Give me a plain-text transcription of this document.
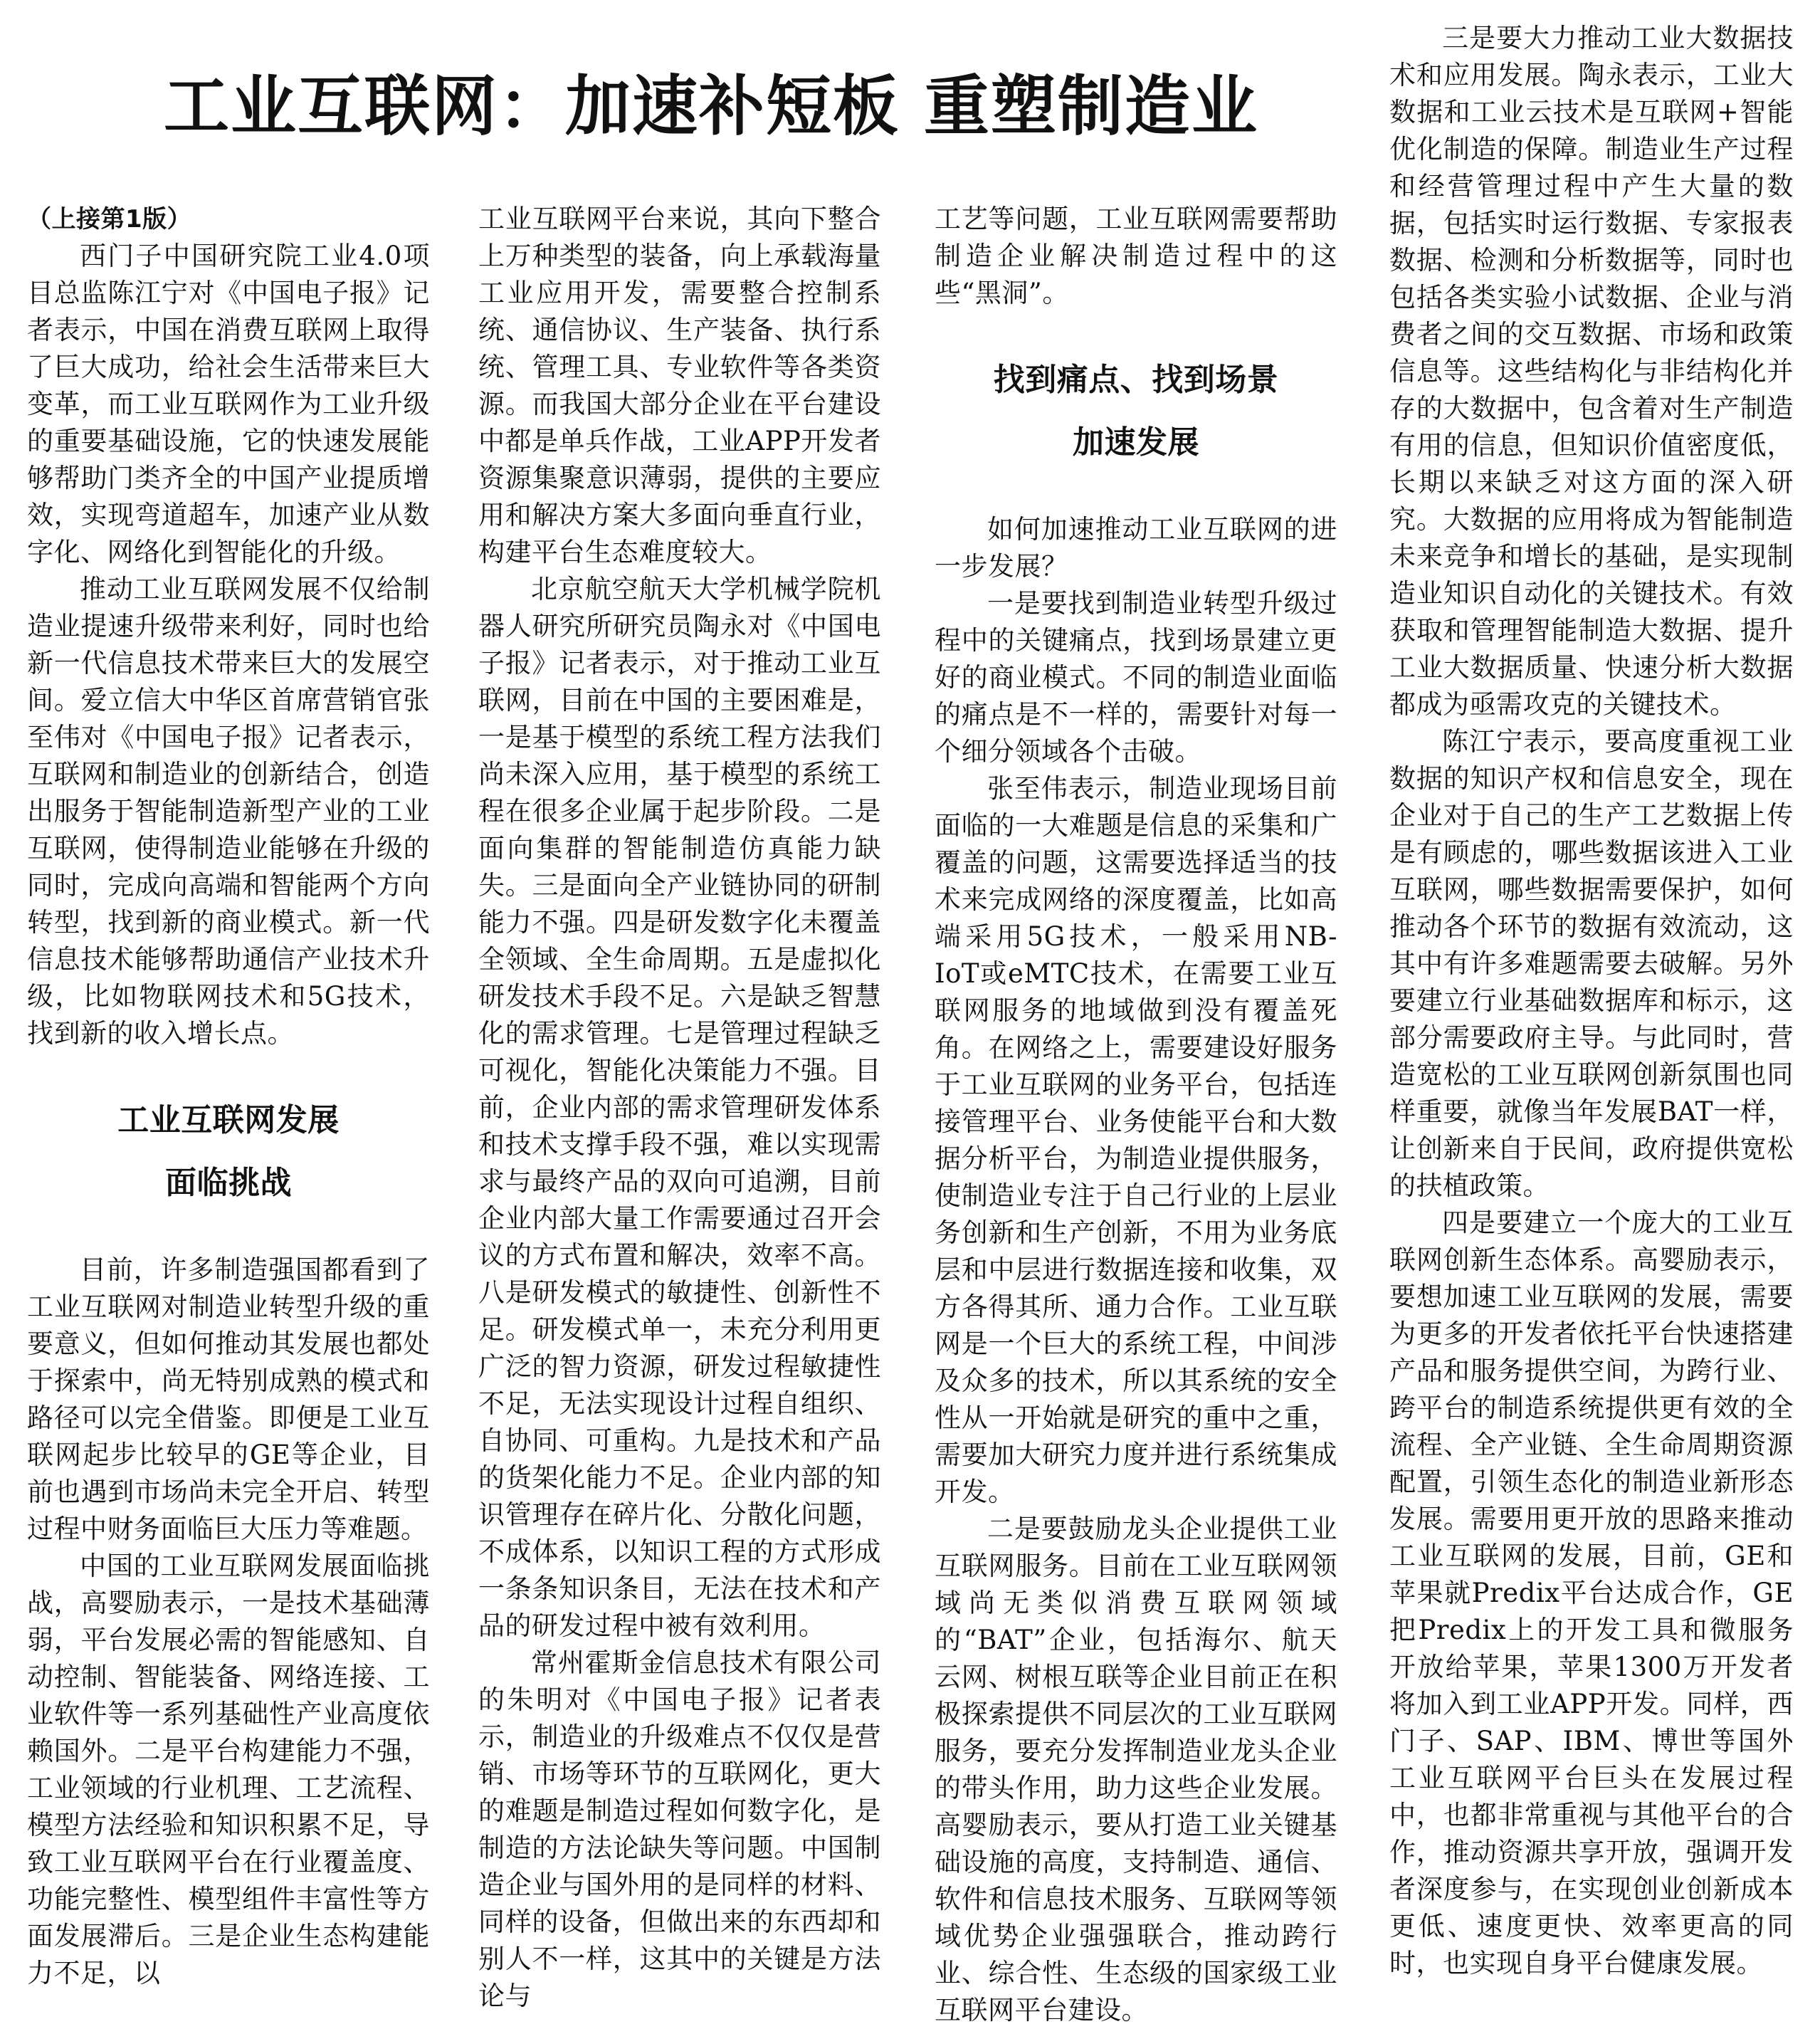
工业互联网：加速补短板 重塑制造业

（上接第1版）

西门子中国研究院工业4.0项目总监陈江宁对《中国电子报》记者表示，中国在消费互联网上取得了巨大成功，给社会生活带来巨大变革，而工业互联网作为工业升级的重要基础设施，它的快速发展能够帮助门类齐全的中国产业提质增效，实现弯道超车，加速产业从数字化、网络化到智能化的升级。

推动工业互联网发展不仅给制造业提速升级带来利好，同时也给新一代信息技术带来巨大的发展空间。爱立信大中华区首席营销官张至伟对《中国电子报》记者表示，互联网和制造业的创新结合，创造出服务于智能制造新型产业的工业互联网，使得制造业能够在升级的同时，完成向高端和智能两个方向转型，找到新的商业模式。新一代信息技术能够帮助通信产业技术升级，比如物联网技术和5G技术，找到新的收入增长点。

工业互联网发展
面临挑战

目前，许多制造强国都看到了工业互联网对制造业转型升级的重要意义，但如何推动其发展也都处于探索中，尚无特别成熟的模式和路径可以完全借鉴。即便是工业互联网起步比较早的GE等企业，目前也遇到市场尚未完全开启、转型过程中财务面临巨大压力等难题。

中国的工业互联网发展面临挑战，高婴励表示，一是技术基础薄弱，平台发展必需的智能感知、自动控制、智能装备、网络连接、工业软件等一系列基础性产业高度依赖国外。二是平台构建能力不强，工业领域的行业机理、工艺流程、模型方法经验和知识积累不足，导致工业互联网平台在行业覆盖度、功能完整性、模型组件丰富性等方面发展滞后。三是企业生态构建能力不足，以

工业互联网平台来说，其向下整合上万种类型的装备，向上承载海量工业应用开发，需要整合控制系统、通信协议、生产装备、执行系统、管理工具、专业软件等各类资源。而我国大部分企业在平台建设中都是单兵作战，工业APP开发者资源集聚意识薄弱，提供的主要应用和解决方案大多面向垂直行业，构建平台生态难度较大。

北京航空航天大学机械学院机器人研究所研究员陶永对《中国电子报》记者表示，对于推动工业互联网，目前在中国的主要困难是，一是基于模型的系统工程方法我们尚未深入应用，基于模型的系统工程在很多企业属于起步阶段。二是面向集群的智能制造仿真能力缺失。三是面向全产业链协同的研制能力不强。四是研发数字化未覆盖全领域、全生命周期。五是虚拟化研发技术手段不足。六是缺乏智慧化的需求管理。七是管理过程缺乏可视化，智能化决策能力不强。目前，企业内部的需求管理研发体系和技术支撑手段不强，难以实现需求与最终产品的双向可追溯，目前企业内部大量工作需要通过召开会议的方式布置和解决，效率不高。八是研发模式的敏捷性、创新性不足。研发模式单一，未充分利用更广泛的智力资源，研发过程敏捷性不足，无法实现设计过程自组织、自协同、可重构。九是技术和产品的货架化能力不足。企业内部的知识管理存在碎片化、分散化问题，不成体系，以知识工程的方式形成一条条知识条目，无法在技术和产品的研发过程中被有效利用。

常州霍斯金信息技术有限公司的朱明对《中国电子报》记者表示，制造业的升级难点不仅仅是营销、市场等环节的互联网化，更大的难题是制造过程如何数字化，是制造的方法论缺失等问题。中国制造企业与国外用的是同样的材料、同样的设备，但做出来的东西却和别人不一样，这其中的关键是方法论与

工艺等问题，工业互联网需要帮助制造企业解决制造过程中的这些“黑洞”。

找到痛点、找到场景
加速发展

如何加速推动工业互联网的进一步发展？

一是要找到制造业转型升级过程中的关键痛点，找到场景建立更好的商业模式。不同的制造业面临的痛点是不一样的，需要针对每一个细分领域各个击破。

张至伟表示，制造业现场目前面临的一大难题是信息的采集和广覆盖的问题，这需要选择适当的技术来完成网络的深度覆盖，比如高端采用5G技术，一般采用NB-IoT或eMTC技术，在需要工业互联网服务的地域做到没有覆盖死角。在网络之上，需要建设好服务于工业互联网的业务平台，包括连接管理平台、业务使能平台和大数据分析平台，为制造业提供服务，使制造业专注于自己行业的上层业务创新和生产创新，不用为业务底层和中层进行数据连接和收集，双方各得其所、通力合作。工业互联网是一个巨大的系统工程，中间涉及众多的技术，所以其系统的安全性从一开始就是研究的重中之重，需要加大研究力度并进行系统集成开发。

二是要鼓励龙头企业提供工业互联网服务。目前在工业互联网领域尚无类似消费互联网领域的“BAT”企业，包括海尔、航天云网、树根互联等企业目前正在积极探索提供不同层次的工业互联网服务，要充分发挥制造业龙头企业的带头作用，助力这些企业发展。高婴励表示，要从打造工业关键基础设施的高度，支持制造、通信、软件和信息技术服务、互联网等领域优势企业强强联合，推动跨行业、综合性、生态级的国家级工业互联网平台建设。

三是要大力推动工业大数据技术和应用发展。陶永表示，工业大数据和工业云技术是互联网+智能优化制造的保障。制造业生产过程和经营管理过程中产生大量的数据，包括实时运行数据、专家报表数据、检测和分析数据等，同时也包括各类实验小试数据、企业与消费者之间的交互数据、市场和政策信息等。这些结构化与非结构化并存的大数据中，包含着对生产制造有用的信息，但知识价值密度低，长期以来缺乏对这方面的深入研究。大数据的应用将成为智能制造未来竞争和增长的基础，是实现制造业知识自动化的关键技术。有效获取和管理智能制造大数据、提升工业大数据质量、快速分析大数据都成为亟需攻克的关键技术。

陈江宁表示，要高度重视工业数据的知识产权和信息安全，现在企业对于自己的生产工艺数据上传是有顾虑的，哪些数据该进入工业互联网，哪些数据需要保护，如何推动各个环节的数据有效流动，这其中有许多难题需要去破解。另外要建立行业基础数据库和标示，这部分需要政府主导。与此同时，营造宽松的工业互联网创新氛围也同样重要，就像当年发展BAT一样，让创新来自于民间，政府提供宽松的扶植政策。

四是要建立一个庞大的工业互联网创新生态体系。高婴励表示，要想加速工业互联网的发展，需要为更多的开发者依托平台快速搭建产品和服务提供空间，为跨行业、跨平台的制造系统提供更有效的全流程、全产业链、全生命周期资源配置，引领生态化的制造业新形态发展。需要用更开放的思路来推动工业互联网的发展，目前，GE和苹果就Predix平台达成合作，GE把Predix上的开发工具和微服务开放给苹果，苹果1300万开发者将加入到工业APP开发。同样，西门子、SAP、IBM、博世等国外工业互联网平台巨头在发展过程中，也都非常重视与其他平台的合作，推动资源共享开放，强调开发者深度参与，在实现创业创新成本更低、速度更快、效率更高的同时，也实现自身平台健康发展。
